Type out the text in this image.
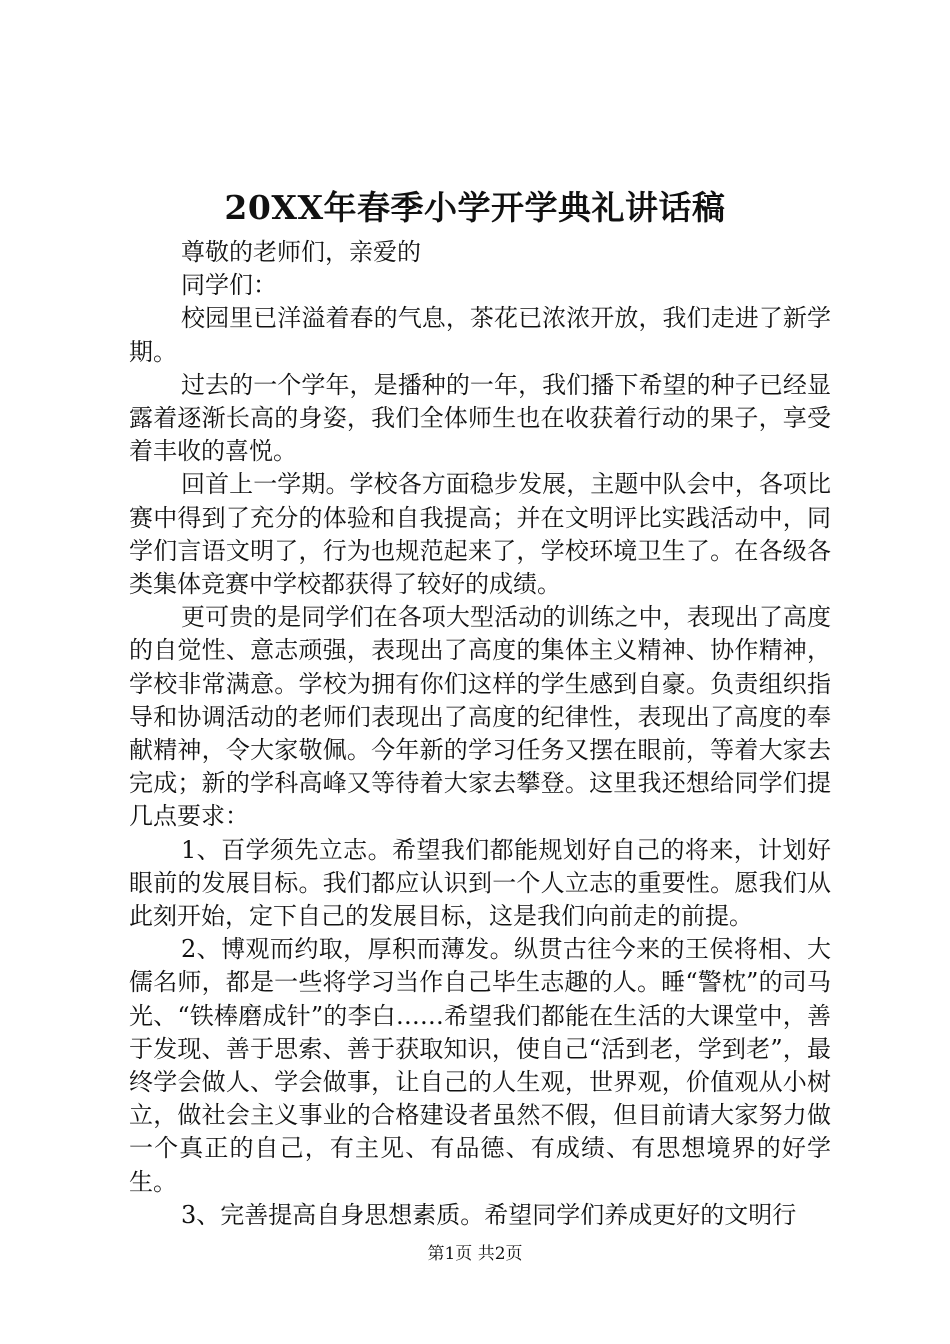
20XX年春季小学开学典礼讲话稿

尊敬的老师们，亲爱的

同学们：

校园里已洋溢着春的气息，茶花已浓浓开放，我们走进了新学期。

过去的一个学年，是播种的一年，我们播下希望的种子已经显露着逐渐长高的身姿，我们全体师生也在收获着行动的果子，享受着丰收的喜悦。

回首上一学期。学校各方面稳步发展，主题中队会中，各项比赛中得到了充分的体验和自我提高；并在文明评比实践活动中，同学们言语文明了，行为也规范起来了，学校环境卫生了。在各级各类集体竞赛中学校都获得了较好的成绩。

更可贵的是同学们在各项大型活动的训练之中，表现出了高度的自觉性、意志顽强，表现出了高度的集体主义精神、协作精神，学校非常满意。学校为拥有你们这样的学生感到自豪。负责组织指导和协调活动的老师们表现出了高度的纪律性，表现出了高度的奉献精神，令大家敬佩。今年新的学习任务又摆在眼前，等着大家去完成；新的学科高峰又等待着大家去攀登。这里我还想给同学们提几点要求：

1、百学须先立志。希望我们都能规划好自己的将来，计划好眼前的发展目标。我们都应认识到一个人立志的重要性。愿我们从此刻开始，定下自己的发展目标，这是我们向前走的前提。

2、博观而约取，厚积而薄发。纵贯古往今来的王侯将相、大儒名师，都是一些将学习当作自己毕生志趣的人。睡“警枕”的司马光、“铁棒磨成针”的李白……希望我们都能在生活的大课堂中，善于发现、善于思索、善于获取知识，使自己“活到老，学到老”，最终学会做人、学会做事，让自己的人生观，世界观，价值观从小树立，做社会主义事业的合格建设者虽然不假，但目前请大家努力做一个真正的自己，有主见、有品德、有成绩、有思想境界的好学生。

3、完善提高自身思想素质。希望同学们养成更好的文明行

第1页 共2页
